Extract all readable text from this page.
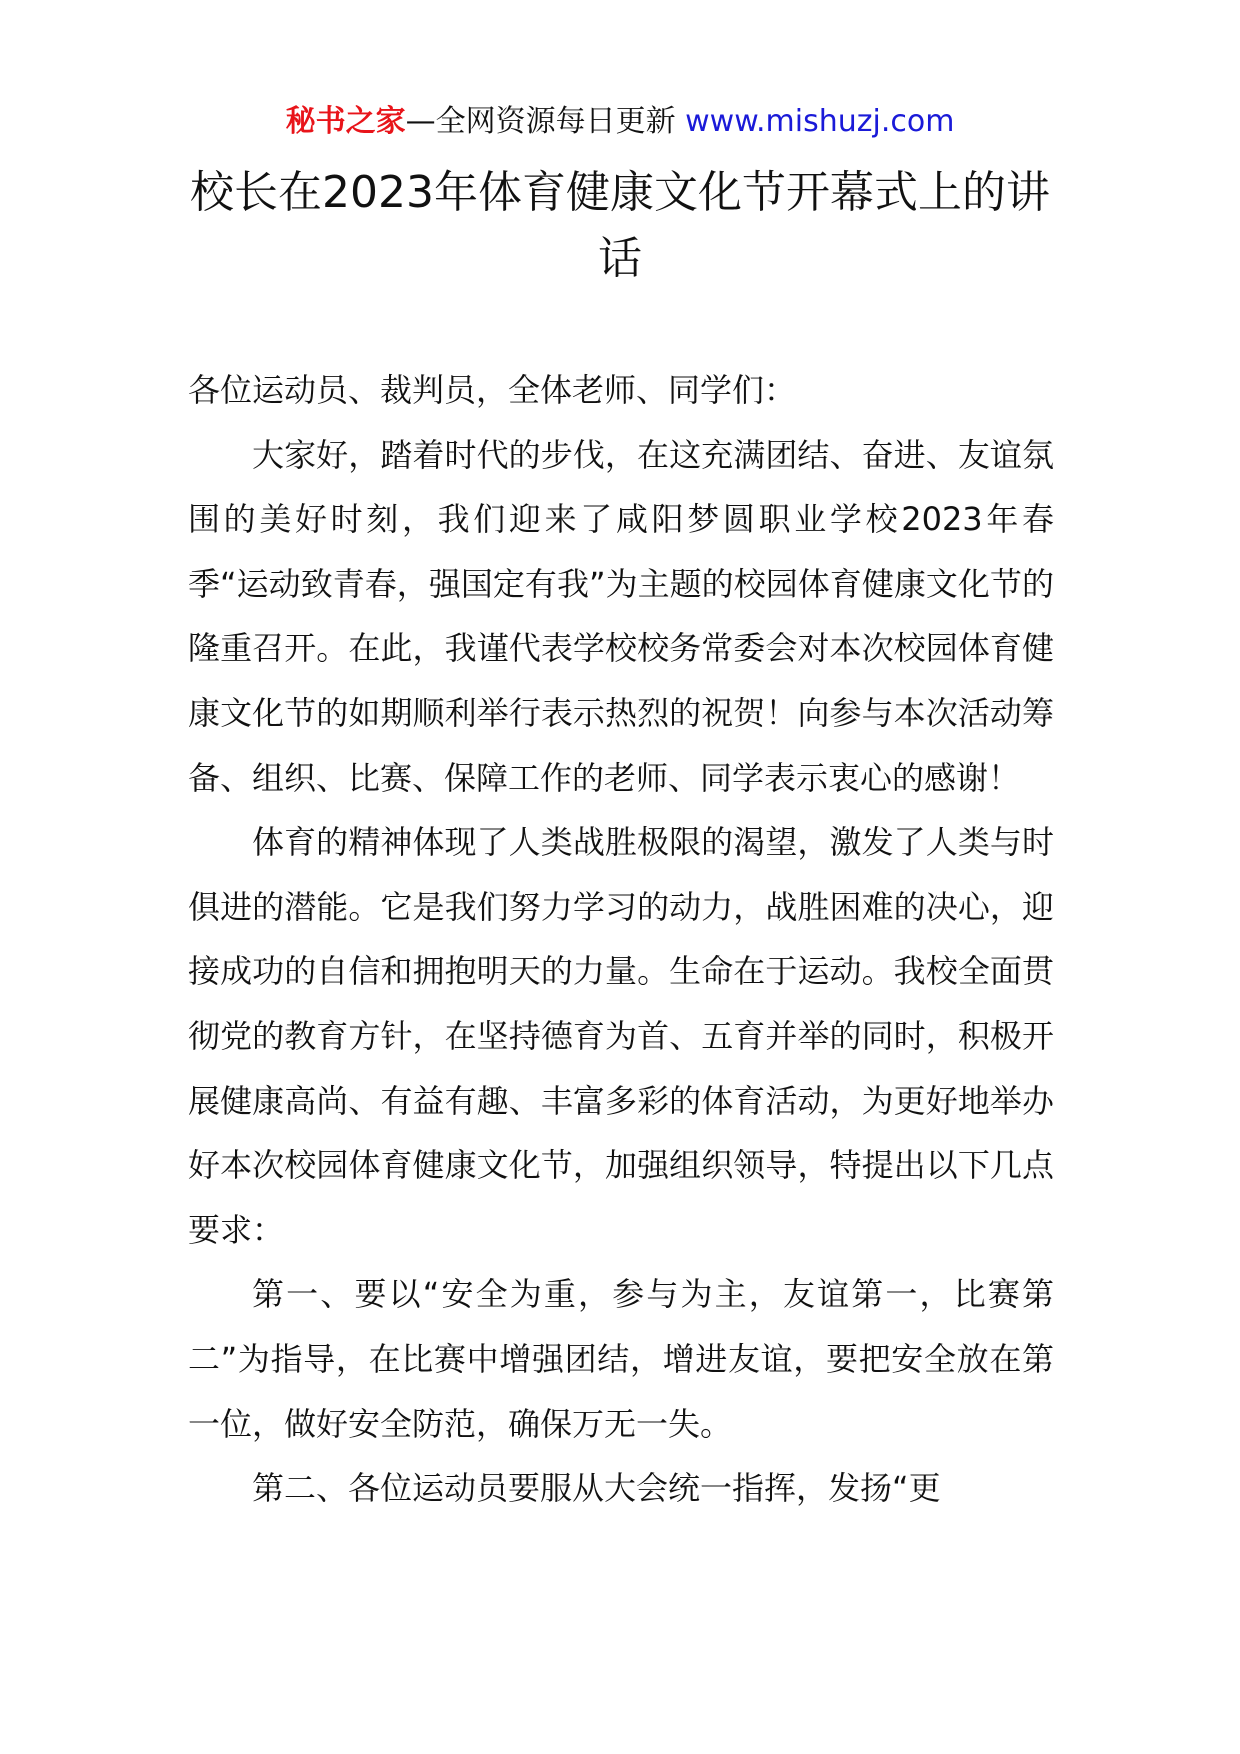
秘书之家—全网资源每日更新 www.mishuzj.com
校长在2023年体育健康文化节开幕式上的讲话

各位运动员、裁判员，全体老师、同学们：

大家好，踏着时代的步伐，在这充满团结、奋进、友谊氛围的美好时刻，我们迎来了咸阳梦圆职业学校2023年春季“运动致青春，强国定有我”为主题的校园体育健康文化节的隆重召开。在此，我谨代表学校校务常委会对本次校园体育健康文化节的如期顺利举行表示热烈的祝贺！向参与本次活动筹备、组织、比赛、保障工作的老师、同学表示衷心的感谢！

体育的精神体现了人类战胜极限的渴望，激发了人类与时俱进的潜能。它是我们努力学习的动力，战胜困难的决心，迎接成功的自信和拥抱明天的力量。生命在于运动。我校全面贯彻党的教育方针，在坚持德育为首、五育并举的同时，积极开展健康高尚、有益有趣、丰富多彩的体育活动，为更好地举办好本次校园体育健康文化节，加强组织领导，特提出以下几点要求：

第一、要以“安全为重，参与为主，友谊第一，比赛第二”为指导，在比赛中增强团结，增进友谊，要把安全放在第一位，做好安全防范，确保万无一失。

第二、各位运动员要服从大会统一指挥，发扬“更
